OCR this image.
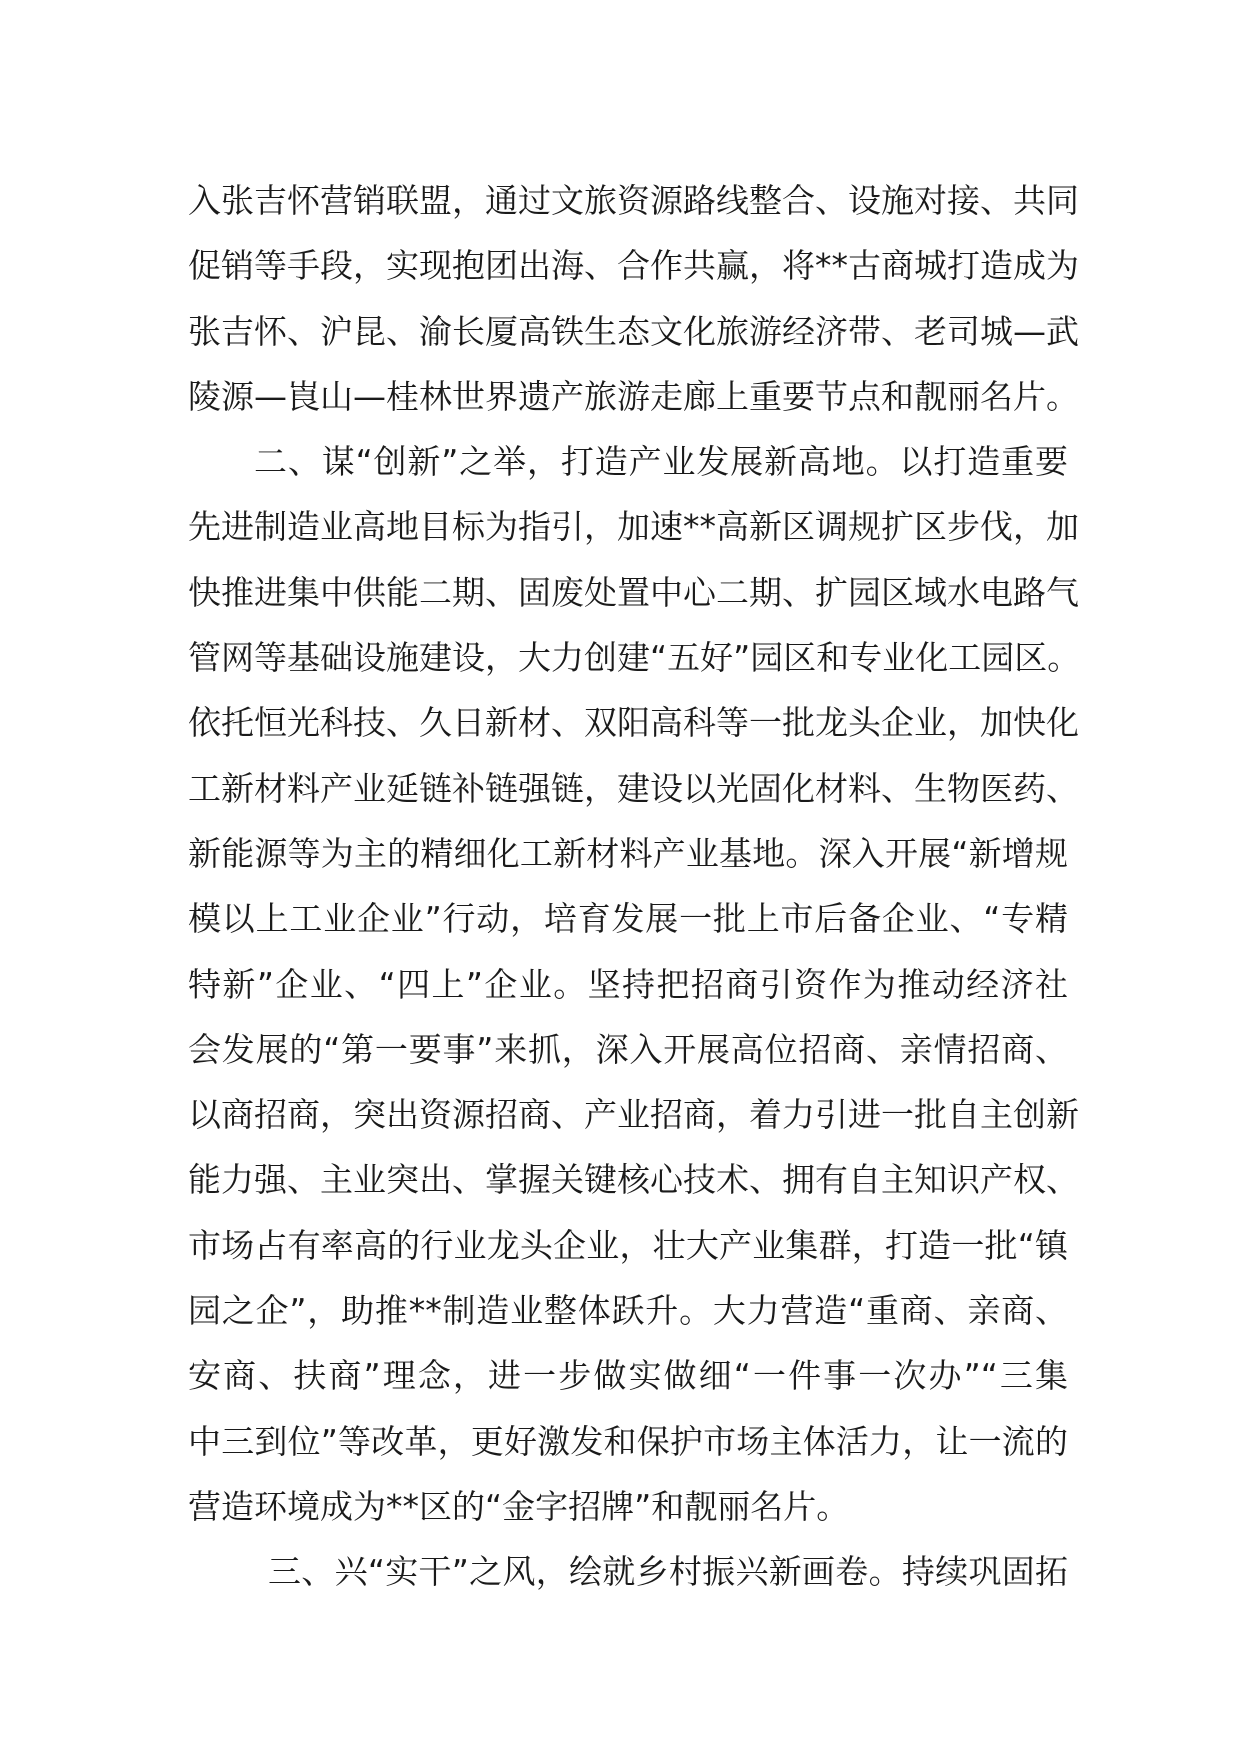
入张吉怀营销联盟，通过文旅资源路线整合、设施对接、共同
促销等手段，实现抱团出海、合作共赢，将**古商城打造成为
张吉怀、沪昆、渝长厦高铁生态文化旅游经济带、老司城—武
陵源—崀山—桂林世界遗产旅游走廊上重要节点和靓丽名片。
二、谋“创新”之举，打造产业发展新高地。以打造重要
先进制造业高地目标为指引，加速**高新区调规扩区步伐，加
快推进集中供能二期、固废处置中心二期、扩园区域水电路气
管网等基础设施建设，大力创建“五好”园区和专业化工园区。
依托恒光科技、久日新材、双阳高科等一批龙头企业，加快化
工新材料产业延链补链强链，建设以光固化材料、生物医药、
新能源等为主的精细化工新材料产业基地。深入开展“新增规
模以上工业企业”行动，培育发展一批上市后备企业、“专精
特新”企业、“四上”企业。坚持把招商引资作为推动经济社
会发展的“第一要事”来抓，深入开展高位招商、亲情招商、
以商招商，突出资源招商、产业招商，着力引进一批自主创新
能力强、主业突出、掌握关键核心技术、拥有自主知识产权、
市场占有率高的行业龙头企业，壮大产业集群，打造一批“镇
园之企”，助推**制造业整体跃升。大力营造“重商、亲商、
安商、扶商”理念，进一步做实做细“一件事一次办”“三集
中三到位”等改革，更好激发和保护市场主体活力，让一流的
营造环境成为**区的“金字招牌”和靓丽名片。
三、兴“实干”之风，绘就乡村振兴新画卷。持续巩固拓
